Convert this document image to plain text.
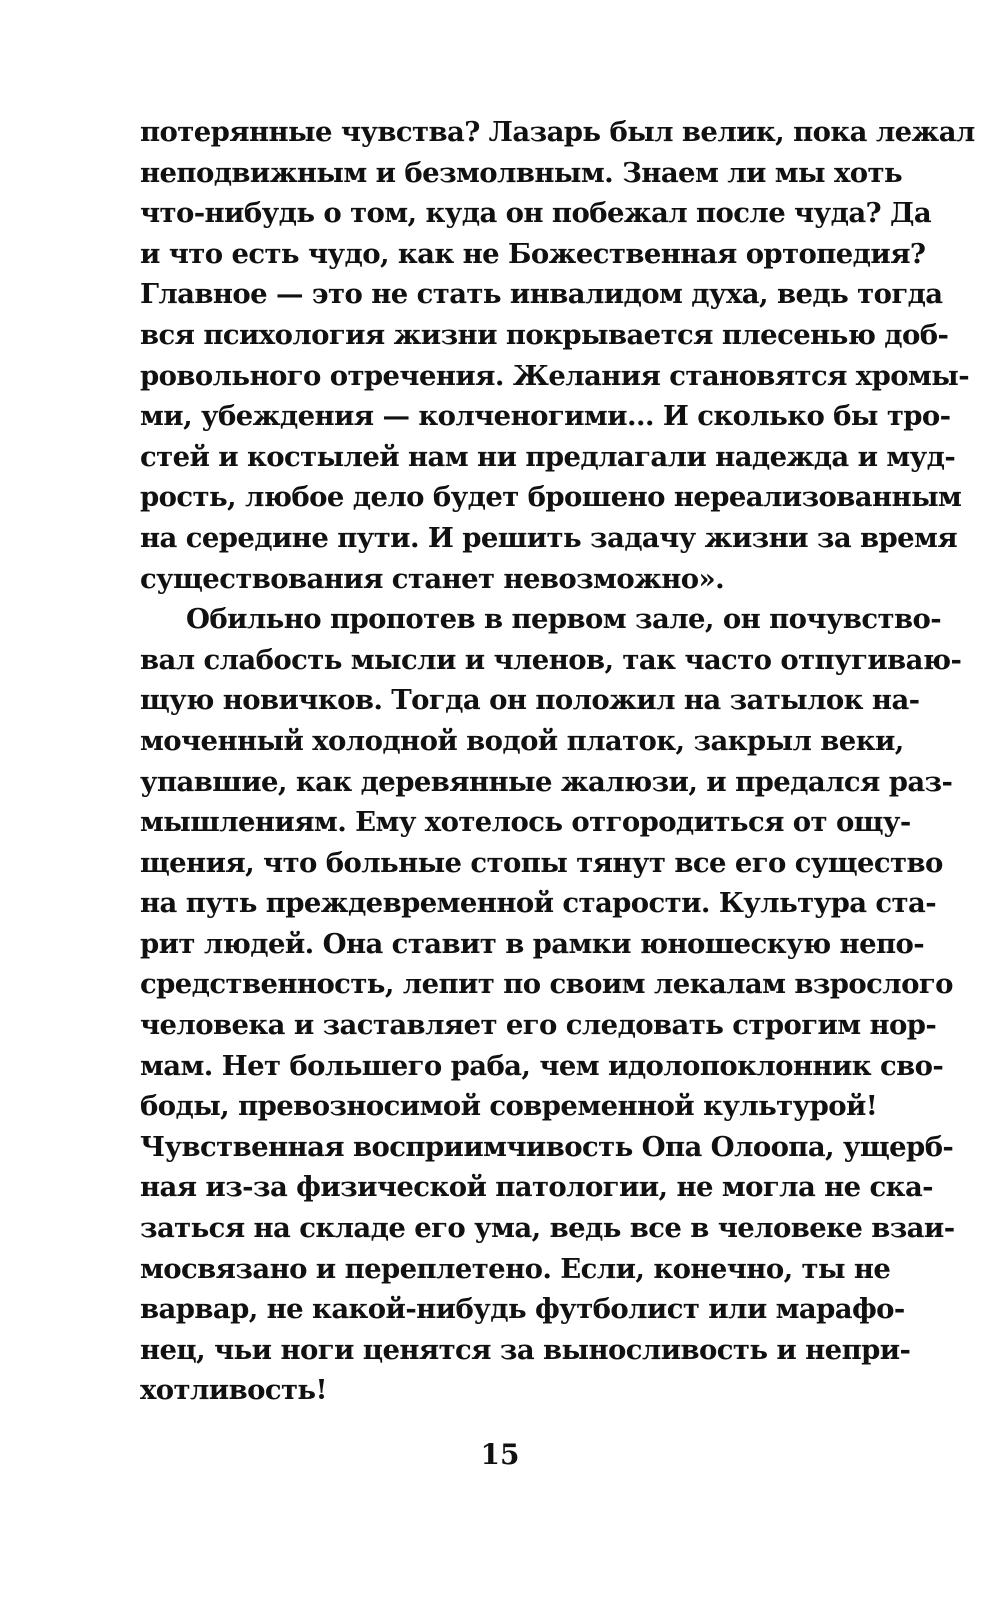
потерянные чувства? Лазарь был велик, пока лежал
неподвижным и безмолвным. Знаем ли мы хоть
что-нибудь о том, куда он побежал после чуда? Да
и что есть чудо, как не Божественная ортопедия?
Главное — это не стать инвалидом духа, ведь тогда
вся психология жизни покрывается плесенью доб-
ровольного отречения. Желания становятся хромы-
ми, убеждения — колченогими… И сколько бы тро-
стей и костылей нам ни предлагали надежда и муд-
рость, любое дело будет брошено нереализованным
на середине пути. И решить задачу жизни за время
существования станет невозможно».
Обильно пропотев в первом зале, он почувство-
вал слабость мысли и членов, так часто отпугиваю-
щую новичков. Тогда он положил на затылок на-
моченный холодной водой платок, закрыл веки,
упавшие, как деревянные жалюзи, и предался раз-
мышлениям. Ему хотелось отгородиться от ощу-
щения, что больные стопы тянут все его существо
на путь преждевременной старости. Культура ста-
рит людей. Она ставит в рамки юношескую непо-
средственность, лепит по своим лекалам взрослого
человека и заставляет его следовать строгим нор-
мам. Нет большего раба, чем идолопоклонник сво-
боды, превозносимой современной культурой!
Чувственная восприимчивость Опа Олоопа, ущерб-
ная из-за физической патологии, не могла не ска-
заться на складе его ума, ведь все в человеке взаи-
мосвязано и переплетено. Если, конечно, ты не
варвар, не какой-нибудь футболист или марафо-
нец, чьи ноги ценятся за выносливость и непри-
хотливость!
15
